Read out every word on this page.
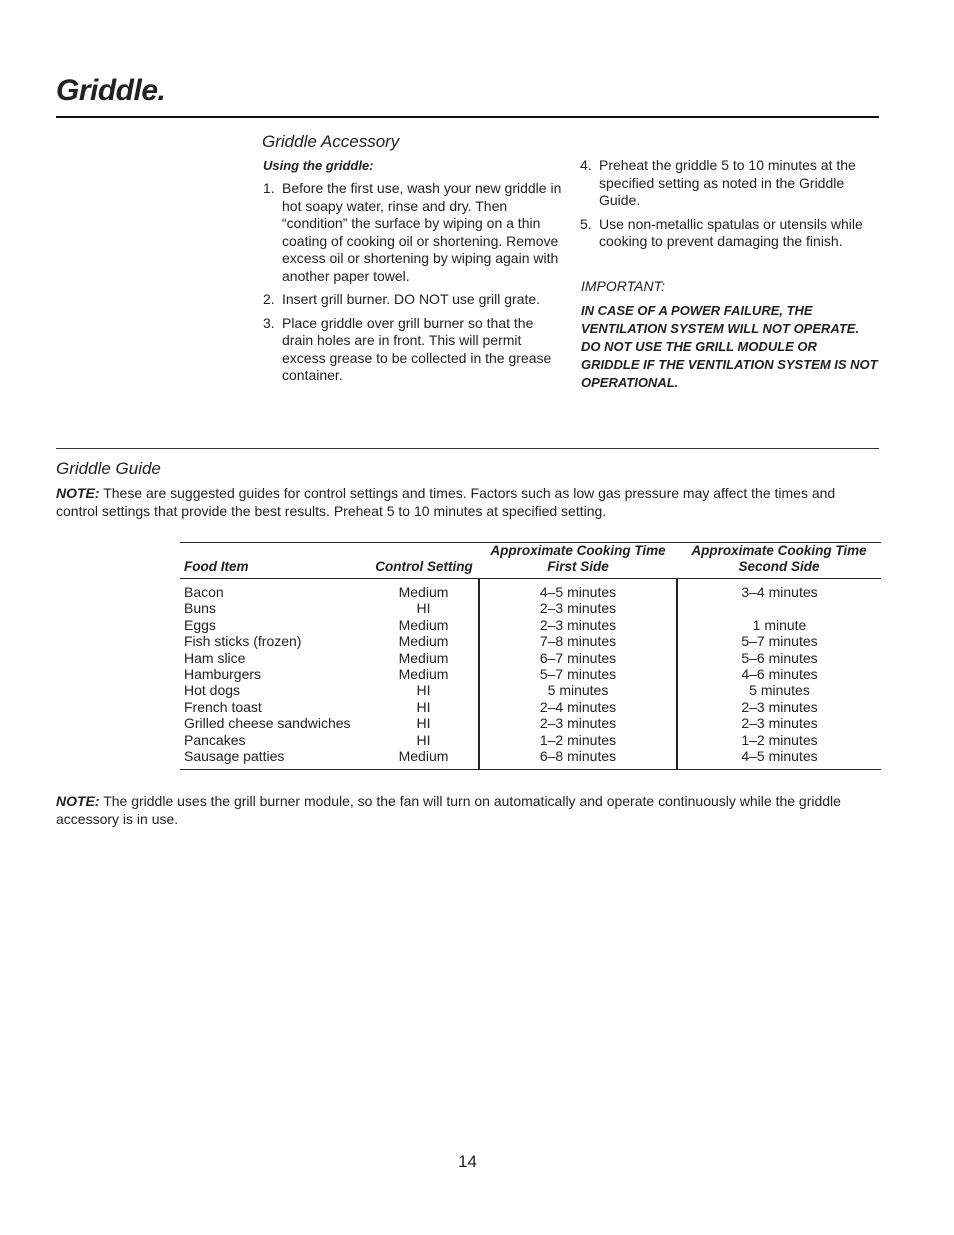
Griddle.
Griddle Accessory
Using the griddle:
1. Before the first use, wash your new griddle in hot soapy water, rinse and dry. Then “condition” the surface by wiping on a thin coating of cooking oil or shortening. Remove excess oil or shortening by wiping again with another paper towel.
2. Insert grill burner. DO NOT use grill grate.
3. Place griddle over grill burner so that the drain holes are in front. This will permit excess grease to be collected in the grease container.
4. Preheat the griddle 5 to 10 minutes at the specified setting as noted in the Griddle Guide.
5. Use non-metallic spatulas or utensils while cooking to prevent damaging the finish.
IMPORTANT:
IN CASE OF A POWER FAILURE, THE VENTILATION SYSTEM WILL NOT OPERATE. DO NOT USE THE GRILL MODULE OR GRIDDLE IF THE VENTILATION SYSTEM IS NOT OPERATIONAL.
Griddle Guide
NOTE: These are suggested guides for control settings and times. Factors such as low gas pressure may affect the times and control settings that provide the best results. Preheat 5 to 10 minutes at specified setting.
Food Item	Control Setting	Approximate Cooking Time First Side	Approximate Cooking Time Second Side
Bacon	Medium	4–5 minutes	3–4 minutes
Buns	HI	2–3 minutes	
Eggs	Medium	2–3 minutes	1 minute
Fish sticks (frozen)	Medium	7–8 minutes	5–7 minutes
Ham slice	Medium	6–7 minutes	5–6 minutes
Hamburgers	Medium	5–7 minutes	4–6 minutes
Hot dogs	HI	5 minutes	5 minutes
French toast	HI	2–4 minutes	2–3 minutes
Grilled cheese sandwiches	HI	2–3 minutes	2–3 minutes
Pancakes	HI	1–2 minutes	1–2 minutes
Sausage patties	Medium	6–8 minutes	4–5 minutes
NOTE: The griddle uses the grill burner module, so the fan will turn on automatically and operate continuously while the griddle accessory is in use.
14
